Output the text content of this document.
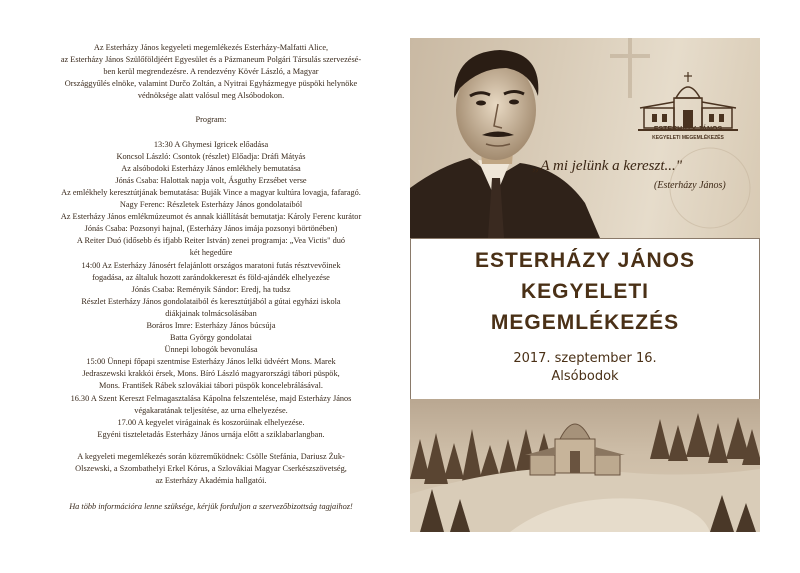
Az Esterházy János kegyeleti megemlékezés Esterházy-Malfatti Alice,

az Esterházy János Szülőföldjéért Egyesület és a Pázmaneum Polgári Társulás szervezésé-

ben kerül megrendezésre. A rendezvény Kövér László, a Magyar

Országgyűlés elnöke, valamint Durčo Zoltán, a Nyitrai Egyházmegye püspöki helynöke

védnöksége alatt valósul meg Alsóbodokon.

Program:

13:30 A Ghymesi Igricek előadása

Koncsol László: Csontok (részlet) Előadja: Dráfi Mátyás

Az alsóbodoki Esterházy János emlékhely bemutatása

Jónás Csaba: Halottak napja volt, Ásguthy Erzsébet verse

Az emlékhely keresztútjának bemutatása: Buják Vince a magyar kultúra lovagja, fafaragó.

Nagy Ferenc: Részletek Esterházy János gondolataiból

Az Esterházy János emlékmúzeumot és annak kiállítását bemutatja: Károly Ferenc kurátor

Jónás Csaba: Pozsonyi hajnal, (Esterházy János imája pozsonyi börtönében)

A Reiter Duó (idősebb és ifjabb Reiter István) zenei programja: „Vea Victis" duó

két hegedűre

14:00 Az Esterházy Jánosért felajánlott országos maratoni futás résztvevőinek

fogadása, az általuk hozott zarándokkereszt és föld-ajándék elhelyezése

Jónás Csaba: Reményik Sándor: Eredj, ha tudsz

Részlet Esterházy János gondolataiból és keresztútjából a gútai egyházi iskola

diákjainak tolmácsolásában

Boráros Imre: Esterházy János búcsúja

Batta György gondolatai

Ünnepi lobogók bevonulása

15:00 Ünnepi főpapi szentmise Esterházy János lelki üdvéért Mons. Marek

Jedraszewski krakkói érsek, Mons. Bíró László magyarországi tábori püspök,

Mons. František Rábek szlovákiai tábori püspök koncelebrálásával.

16.30 A Szent Kereszt Felmagasztalása Kápolna felszentelése, majd Esterházy János

végakaratának teljesítése, az urna elhelyezése.

17.00 A kegyelet virágainak és koszorúinak elhelyezése.

Egyéni tiszteletadás Esterházy János urnája előtt a sziklabarlangban.

A kegyeleti megemlékezés során közreműködnek: Csölle Stefánia, Dariusz Żuk-

Olszewski, a Szombathelyi Erkel Kórus, a Szlovákiai Magyar Cserkészszövetség,

az Esterházy Akadémia hallgatói.

Ha több információra lenne szüksége, kérjük forduljon a szervezőbizottság tagjaihoz!

ESTERHÁZY JÁNOS
KEGYELETI MEGEMLÉKEZÉS
„A mi jelünk a kereszt..."
(Esterházy János)
ESTERHÁZY JÁNOS
KEGYELETI
MEGEMLÉKEZÉS
2017. szeptember 16.
Alsóbodok
